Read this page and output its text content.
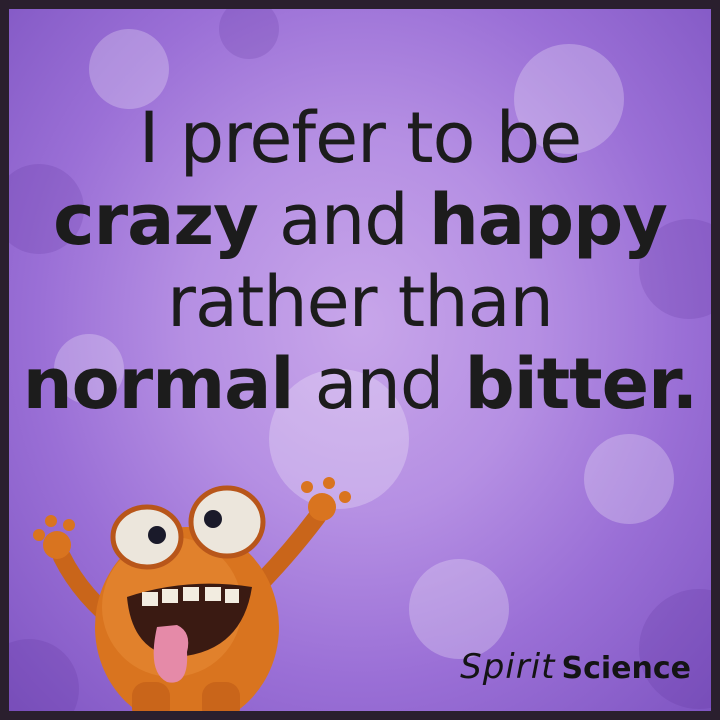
I prefer to be
crazy and happy
rather than
normal and bitter.
Spirit Science
